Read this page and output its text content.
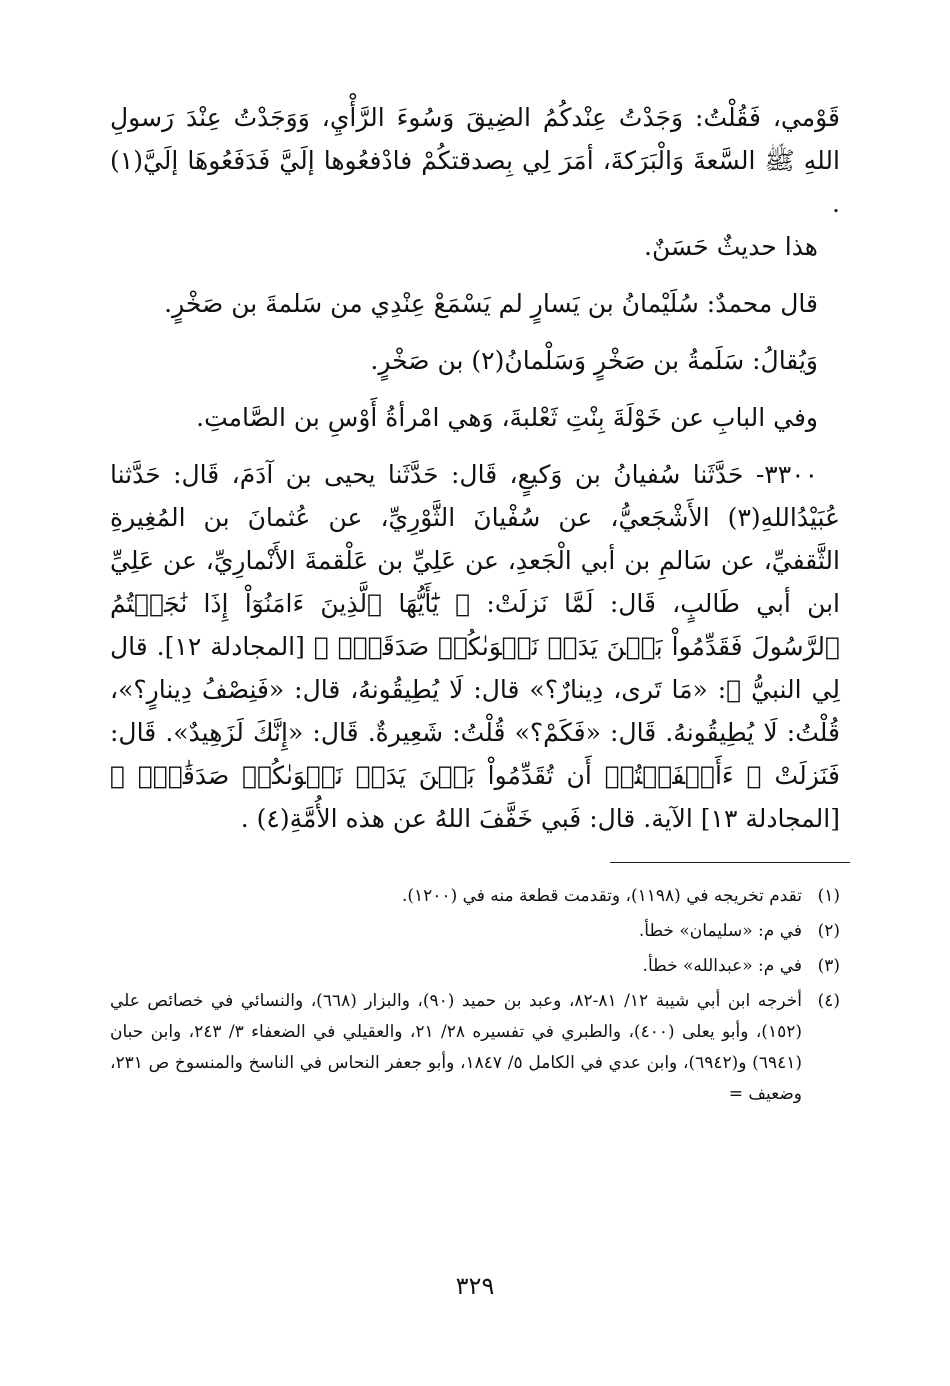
قَوْمي، فَقُلْتُ: وَجَدْتُ عِنْدكُمُ الضِيقَ وَسُوءَ الرَّأْيِ، وَوَجَدْتُ عِنْدَ رَسولِ اللهِ ﷺ السَّعةَ وَالْبَرَكةَ، أمَرَ لِي بِصدقتكُمْ فادْفعُوها إلَيَّ فَدَفَعُوهَا إلَيَّ(١) .

هذا حديثٌ حَسَنٌ.

قال محمدٌ: سُلَيْمانُ بن يَسارٍ لم يَسْمَعْ عِنْدِي من سَلمةَ بن صَخْرٍ.

وَيُقالُ: سَلَمةُ بن صَخْرٍ وَسَلْمانُ(٢) بن صَخْرٍ.

وفي البابِ عن خَوْلَةَ بِنْتِ ثَعْلبةَ، وَهي امْرأةُ أَوْسِ بن الصَّامتِ.

٣٣٠٠- حَدَّثَنا سُفيانُ بن وَكيعٍ، قَال: حَدَّثَنا يحيى بن آدَمَ، قَال: حَدَّثنا عُبَيْدُاللهِ(٣) الأَشْجَعيُّ، عن سُفْيانَ الثَّوْرِيِّ، عن عُثمانَ بن المُغِيرةِ الثَّقفيِّ، عن سَالمِ بن أبي الْجَعدِ، عن عَلِيِّ بن عَلْقمةَ الأَنْمارِيِّ، عن عَلِيِّ ابن أبي طَالبٍ، قَال: لَمَّا نَزلَتْ: ﴿ يَٰٓأَيُّهَا ٱلَّذِينَ ءَامَنُوٓاْ إِذَا نَٰجَيۡتُمُ ٱلرَّسُولَ فَقَدِّمُواْ بَيۡنَ يَدَيۡ نَجۡوَىٰكُمۡ صَدَقَةٗۚ ﴾ [المجادلة ١٢]. قال لِي النبيُّ ﷺ: «مَا تَرى، دِينارٌ؟» قال: لَا يُطِيقُونهُ، قال: «فَنِصْفُ دِينارٍ؟»، قُلْتُ: لَا يُطِيقُونهُ. قَال: «فَكَمْ؟» قُلْتُ: شَعِيرةٌ. قَال: «إِنَّكَ لَزَهِيدٌ». قَال: فَنَزلَتْ ﴿ ءَأَشۡفَقۡتُمۡ أَن تُقَدِّمُواْ بَيۡنَ يَدَيۡ نَجۡوَىٰكُمۡ صَدَقَٰتٖۚ ﴾ [المجادلة ١٣] الآية. قال: فَبي خَفَّفَ اللهُ عن هذه الأُمَّةِ(٤) .

(١)
تقدم تخريجه في (١١٩٨)، وتقدمت قطعة منه في (١٢٠٠).
(٢)
في م: «سليمان» خطأ.
(٣)
في م: «عبدالله» خطأ.
(٤)
أخرجه ابن أبي شيبة ١٢/ ٨١-٨٢، وعبد بن حميد (٩٠)، والبزار (٦٦٨)، والنسائي في خصائص علي (١٥٢)، وأبو يعلى (٤٠٠)، والطبري في تفسيره ٢٨/ ٢١، والعقيلي في الضعفاء ٣/ ٢٤٣، وابن حبان (٦٩٤١) و(٦٩٤٢)، وابن عدي في الكامل ٥/ ١٨٤٧، وأبو جعفر النحاس في الناسخ والمنسوخ ص ٢٣١، وضعيف =
٣٢٩
